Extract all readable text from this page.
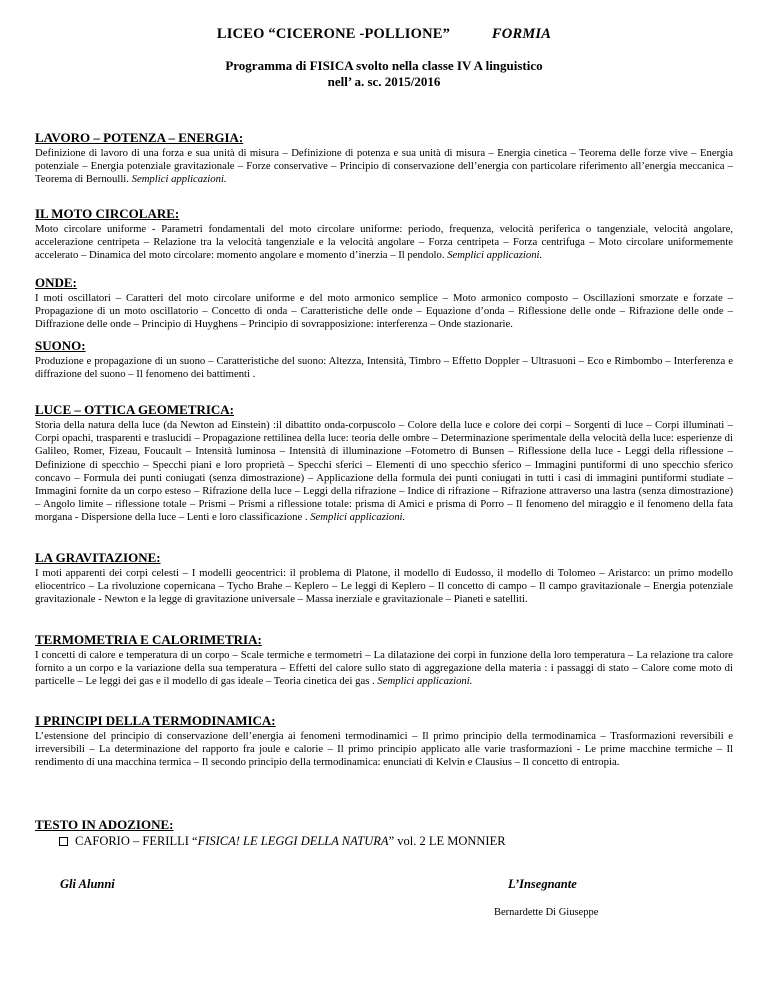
LICEO “CICERONE -POLLIONE”	FORMIA
Programma di FISICA svolto nella classe IV A linguistico
nell’ a. sc. 2015/2016
LAVORO – POTENZA – ENERGIA:

Definizione di lavoro di una forza e sua unità di misura – Definizione di potenza e sua unità di misura – Energia cinetica – Teorema delle forze vive – Energia potenziale – Energia potenziale gravitazionale – Forze conservative – Principio di conservazione dell’energia con particolare riferimento all’energia meccanica – Teorema di Bernoulli. Semplici applicazioni.

IL MOTO CIRCOLARE:

Moto circolare uniforme - Parametri fondamentali del moto circolare uniforme: periodo, frequenza, velocità periferica o tangenziale, velocità angolare, accelerazione centripeta – Relazione tra la velocità tangenziale e la velocità angolare – Forza centripeta – Forza centrifuga – Moto circolare uniformemente accelerato – Dinamica del moto circolare: momento angolare e momento d’inerzia – Il pendolo. Semplici applicazioni.

ONDE:

I moti oscillatori – Caratteri del moto circolare uniforme e del moto armonico semplice – Moto armonico composto – Oscillazioni smorzate e forzate – Propagazione di un moto oscillatorio – Concetto di onda – Caratteristiche delle onde – Equazione d’onda – Riflessione delle onde – Rifrazione delle onde – Diffrazione delle onde – Principio di Huyghens – Principio di sovrapposizione: interferenza – Onde stazionarie.

SUONO:

Produzione e propagazione di un suono – Caratteristiche del suono: Altezza, Intensità, Timbro – Effetto Doppler – Ultrasuoni – Eco e Rimbombo – Interferenza e diffrazione del suono – Il fenomeno dei battimenti .

LUCE – OTTICA GEOMETRICA:

Storia della natura della luce (da Newton ad Einstein) :il dibattito onda-corpuscolo – Colore della luce e colore dei corpi – Sorgenti di luce – Corpi illuminati –Corpi opachi, trasparenti e traslucidi – Propagazione rettilinea della luce: teoria delle ombre – Determinazione sperimentale della velocità della luce: esperienze di Galileo, Romer, Fizeau, Foucault – Intensità luminosa – Intensità di illuminazione –Fotometro di Bunsen – Riflessione della luce - Leggi della riflessione – Definizione di specchio – Specchi piani e loro proprietà – Specchi sferici – Elementi di uno specchio sferico – Immagini puntiformi di uno specchio sferico concavo – Formula dei punti coniugati (senza dimostrazione) – Applicazione della formula dei punti coniugati in tutti i casi di immagini puntiformi studiate – Immagini fornite da un corpo esteso – Rifrazione della luce – Leggi della rifrazione – Indice di rifrazione – Rifrazione attraverso una lastra (senza dimostrazione) – Angolo limite – riflessione totale – Prismi – Prismi a riflessione totale: prisma di Amici e prisma di Porro – Il fenomeno del miraggio e il fenomeno della fata morgana - Dispersione della luce – Lenti e loro classificazione . Semplici applicazioni.

LA GRAVITAZIONE:

I moti apparenti dei corpi celesti – I modelli geocentrici: il problema di Platone, il modello di Eudosso, il modello di Tolomeo – Aristarco: un primo modello eliocentrico – La rivoluzione copernicana – Tycho Brahe – Keplero – Le leggi di Keplero – Il concetto di campo – Il campo gravitazionale – Energia potenziale gravitazionale - Newton e la legge di gravitazione universale – Massa inerziale e gravitazionale – Pianeti e satelliti.

TERMOMETRIA E CALORIMETRIA:

I concetti di calore e temperatura di un corpo – Scale termiche e termometri – La dilatazione dei corpi in funzione della loro temperatura – La relazione tra calore fornito a un corpo e la variazione della sua temperatura – Effetti del calore sullo stato di aggregazione della materia : i passaggi di stato – Calore come moto di particelle – Le leggi dei gas e il modello di gas ideale – Teoria cinetica dei gas . Semplici applicazioni.

I PRINCIPI DELLA TERMODINAMICA:

L’estensione del principio di conservazione dell’energia ai fenomeni termodinamici – Il primo principio della termodinamica – Trasformazioni reversibili e irreversibili – La determinazione del rapporto fra joule e calorie – Il primo principio applicato alle varie trasformazioni - Le prime macchine termiche – Il rendimento di una macchina termica – Il secondo principio della termodinamica: enunciati di Kelvin e Clausius – Il concetto di entropia.

TESTO IN ADOZIONE:
CAFORIO – FERILLI “FISICA! LE LEGGI DELLA NATURA” vol. 2 LE MONNIER
Gli Alunni	L’Insegnante
Bernardette Di Giuseppe
